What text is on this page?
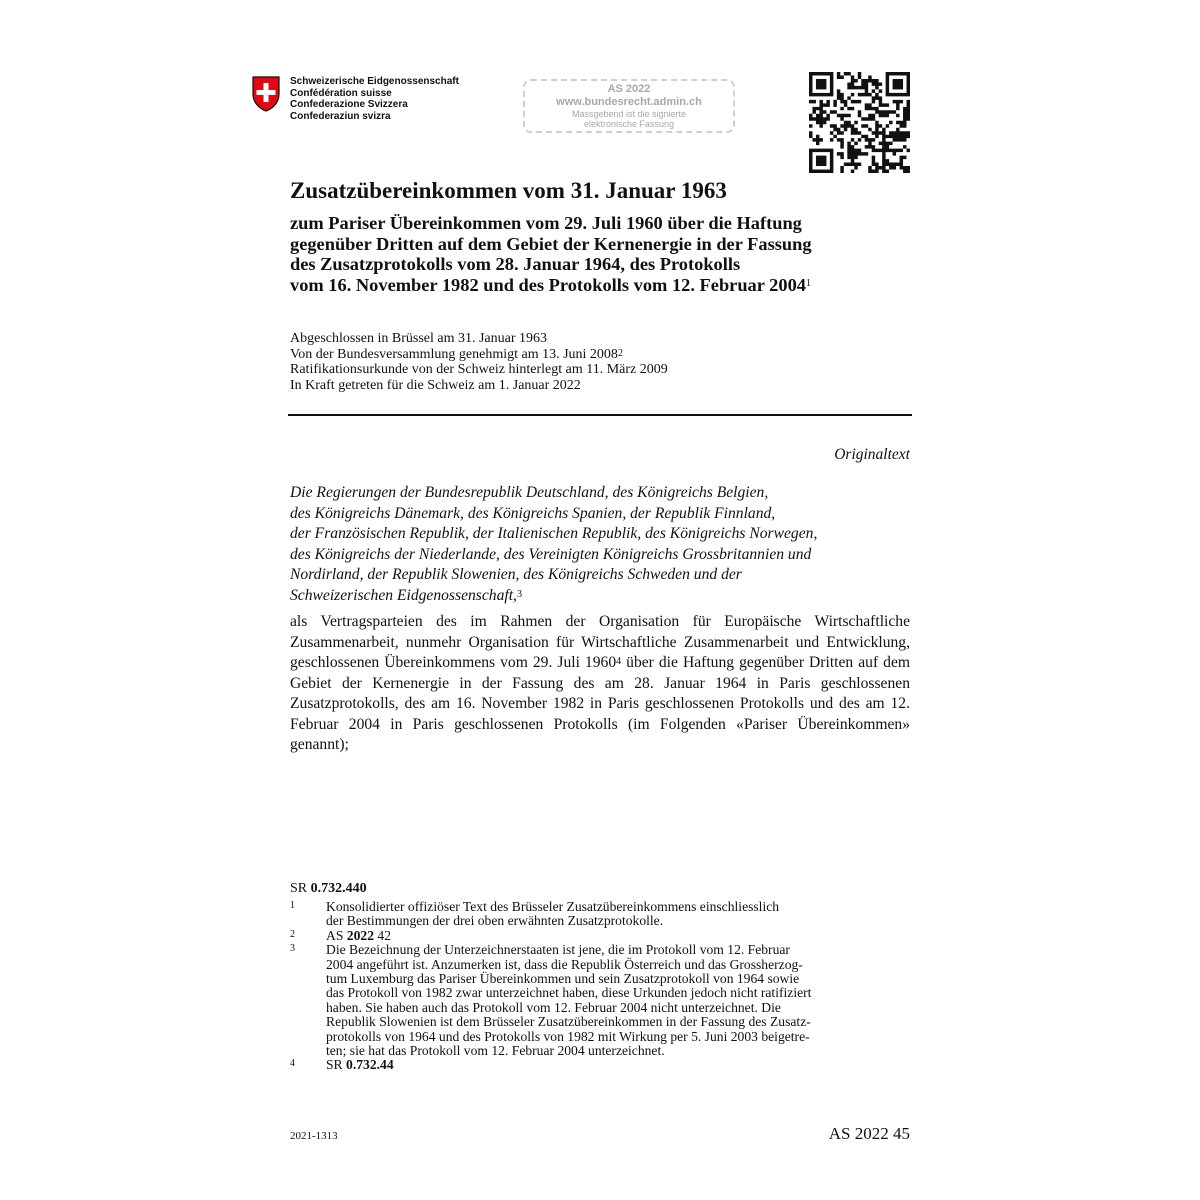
Schweizerische Eidgenossenschaft
Confédération suisse
Confederazione Svizzera
Confederaziun svizra
AS 2022
www.bundesrecht.admin.ch
Massgebend ist die signierte
elektronische Fassung
Zusatzübereinkommen vom 31. Januar 1963
zum Pariser Übereinkommen vom 29. Juli 1960 über die Haftung
gegenüber Dritten auf dem Gebiet der Kernenergie in der Fassung
des Zusatzprotokolls vom 28. Januar 1964, des Protokolls
vom 16. November 1982 und des Protokolls vom 12. Februar 2004$^1$
Abgeschlossen in Brüssel am 31. Januar 1963
Von der Bundesversammlung genehmigt am 13. Juni 2008$^2$
Ratifikationsurkunde von der Schweiz hinterlegt am 11. März 2009
In Kraft getreten für die Schweiz am 1. Januar 2022
Originaltext
Die Regierungen der Bundesrepublik Deutschland, des Königreichs Belgien,
des Königreichs Dänemark, des Königreichs Spanien, der Republik Finnland,
der Französischen Republik, der Italienischen Republik, des Königreichs Norwegen,
des Königreichs der Niederlande, des Vereinigten Königreichs Grossbritannien und
Nordirland, der Republik Slowenien, des Königreichs Schweden und der
Schweizerischen Eidgenossenschaft,$^3$
als Vertragsparteien des im Rahmen der Organisation für Europäische Wirtschaftliche Zusammenarbeit, nunmehr Organisation für Wirtschaftliche Zusammenarbeit und Entwicklung, geschlossenen Übereinkommens vom 29. Juli 1960$^4$ über die Haftung gegenüber Dritten auf dem Gebiet der Kernenergie in der Fassung des am 28. Januar 1964 in Paris geschlossenen Zusatzprotokolls, des am 16. November 1982 in Paris geschlossenen Protokolls und des am 12. Februar 2004 in Paris geschlossenen Protokolls (im Folgenden «Pariser Übereinkommen» genannt);
SR 0.732.440
1	Konsolidierter offiziöser Text des Brüsseler Zusatzübereinkommens einschliesslich
der Bestimmungen der drei oben erwähnten Zusatzprotokolle.
2	AS 2022 42
3	Die Bezeichnung der Unterzeichnerstaaten ist jene, die im Protokoll vom 12. Februar
2004 angeführt ist. Anzumerken ist, dass die Republik Österreich und das Grossherzog-
tum Luxemburg das Pariser Übereinkommen und sein Zusatzprotokoll von 1964 sowie
das Protokoll von 1982 zwar unterzeichnet haben, diese Urkunden jedoch nicht ratifiziert
haben. Sie haben auch das Protokoll vom 12. Februar 2004 nicht unterzeichnet. Die
Republik Slowenien ist dem Brüsseler Zusatzübereinkommen in der Fassung des Zusatz-
protokolls von 1964 und des Protokolls von 1982 mit Wirkung per 5. Juni 2003 beigetre-
ten; sie hat das Protokoll vom 12. Februar 2004 unterzeichnet.
4	SR 0.732.44
2021-1313	AS 2022 45
